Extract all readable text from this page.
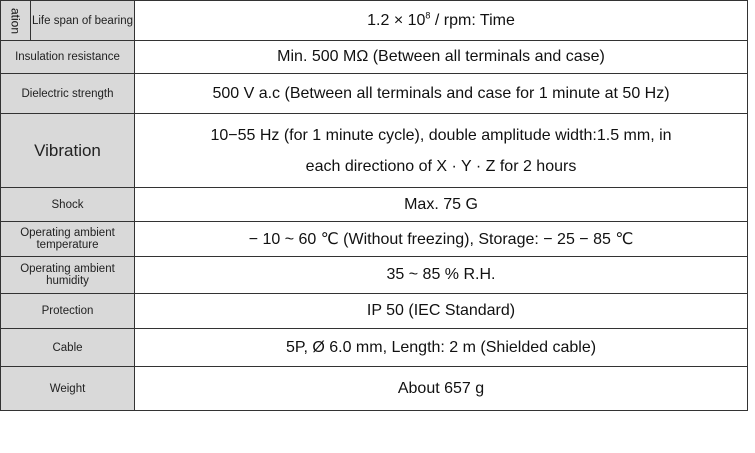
ation	Life span of bearing	$1.2 \times 10^8$ / rpm: Time
Insulation resistance		Min. 500 MΩ (Between all terminals and case)
Dielectric strength		500 V a.c (Between all terminals and case for 1 minute at 50 Hz)
Vibration		10−55 Hz (for 1 minute cycle), double amplitude width:1.5 mm, in
each directiono of X · Y · Z for 2 hours

Shock		Max. 75 G
Operating ambient temperature		− 10 ~ 60 ℃ (Without freezing), Storage: − 25 − 85 ℃
Operating ambient humidity		35 ~ 85 % R.H.
Protection		IP 50 (IEC Standard)
Cable		5P, Ø 6.0 mm, Length: 2 m (Shielded cable)
Weight		About 657 g
